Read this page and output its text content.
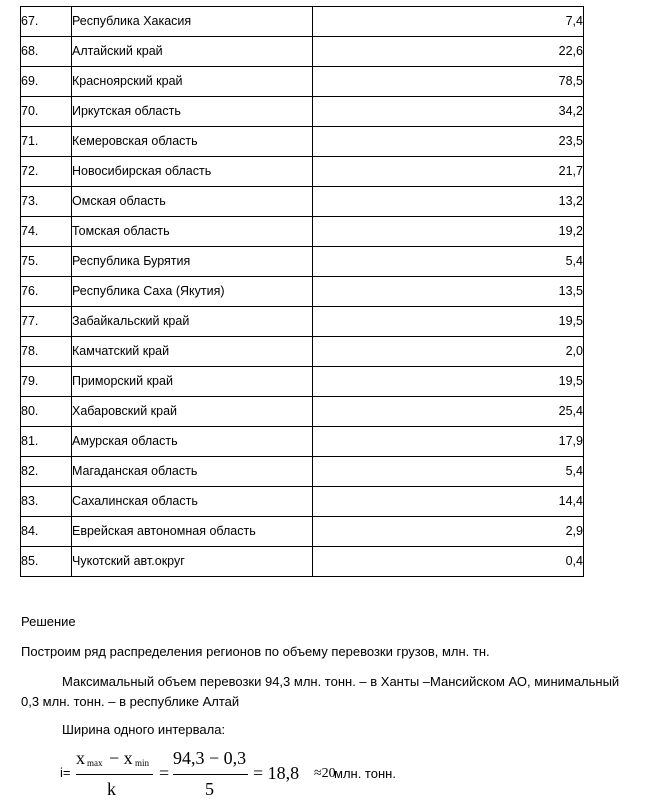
67.	Республика Хакасия	7,4
68.	Алтайский край	22,6
69.	Красноярский край	78,5
70.	Иркутская область	34,2
71.	Кемеровская область	23,5
72.	Новосибирская область	21,7
73.	Омская область	13,2
74.	Томская область	19,2
75.	Республика Бурятия	5,4
76.	Республика Саха (Якутия)	13,5
77.	Забайкальский край	19,5
78.	Камчатский край	2,0
79.	Приморский край	19,5
80.	Хабаровский край	25,4
81.	Амурская область	17,9
82.	Магаданская область	5,4
83.	Сахалинская область	14,4
84.	Еврейская автономная область	2,9
85.	Чукотский авт.округ	0,4
Решение
Построим ряд распределения регионов по объему перевозки грузов, млн. тн.
Максимальный объем перевозки 94,3 млн. тонн. – в Ханты –Мансийском АО, минимальный
0,3 млн. тонн. – в республике Алтай
Ширина одного интервала:
i=
x max − x min
k
=
94,3 − 0,3
5
= 18,8 ≈20
млн. тонн.
